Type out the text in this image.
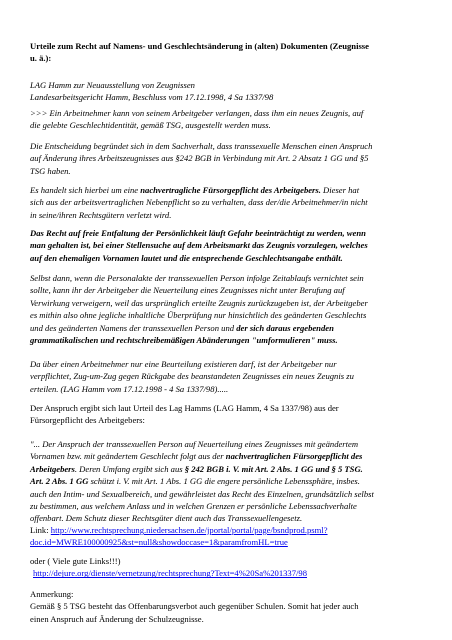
Urteile zum Recht auf Namens- und Geschlechtsänderung in (alten) Dokumenten (Zeugnisse
u. ä.):
LAG Hamm zur Neuausstellung von Zeugnissen
Landesarbeitsgericht Hamm, Beschluss vom 17.12.1998, 4 Sa 1337/98
>>> Ein Arbeitnehmer kann von seinem Arbeitgeber verlangen, dass ihm ein neues Zeugnis, auf
die gelebte Geschlechtidentität, gemäß TSG, ausgestellt werden muss.
Die Entscheidung begründet sich in dem Sachverhalt, dass transsexuelle Menschen einen Anspruch
auf Änderung ihres Arbeitszeugnisses aus §242 BGB in Verbindung mit Art. 2 Absatz 1 GG und §5
TSG haben.
Es handelt sich hierbei um eine nachvertragliche Fürsorgepflicht des Arbeitgebers. Dieser hat
sich aus der arbeitsvertraglichen Nebenpflicht so zu verhalten, dass der/die Arbeitnehmer/in nicht
in seine/ihren Rechtsgütern verletzt wird.
Das Recht auf freie Entfaltung der Persönlichkeit läuft Gefahr beeinträchtigt zu werden, wenn
man gehalten ist, bei einer Stellensuche auf dem Arbeitsmarkt das Zeugnis vorzulegen, welches
auf den ehemaligen Vornamen lautet und die entsprechende Geschlechtsangabe enthält.
Selbst dann, wenn die Personalakte der transsexuellen Person infolge Zeitablaufs vernichtet sein
sollte, kann ihr der Arbeitgeber die Neuerteilung eines Zeugnisses nicht unter Berufung auf
Verwirkung verweigern, weil das ursprünglich erteilte Zeugnis zurückzugeben ist, der Arbeitgeber
es mithin also ohne jegliche inhaltliche Überprüfung nur hinsichtlich des geänderten Geschlechts
und des geänderten Namens der transsexuellen Person und der sich daraus ergebenden
grammatikalischen und rechtschreibemäßigen Abänderungen "umformulieren" muss.
Da über einen Arbeitnehmer nur eine Beurteilung existieren darf, ist der Arbeitgeber nur
verpflichtet, Zug-um-Zug gegen Rückgabe des beanstandeten Zeugnisses ein neues Zeugnis zu
erteilen. (LAG Hamm vom 17.12.1998 - 4 Sa 1337/98).....
Der Anspruch ergibt sich laut Urteil des Lag Hamms (LAG Hamm, 4 Sa 1337/98) aus der
Fürsorgepflicht des Arbeitgebers:
"... Der Anspruch der transsexuellen Person auf Neuerteilung eines Zeugnisses mit geändertem
Vornamen bzw. mit geändertem Geschlecht folgt aus der nachvertraglichen Fürsorgepflicht des
Arbeitgebers. Deren Umfang ergibt sich aus § 242 BGB i. V. mit Art. 2 Abs. 1 GG und § 5 TSG.
Art. 2 Abs. 1 GG schützt i. V. mit Art. 1 Abs. 1 GG die engere persönliche Lebenssphäre, insbes.
auch den Intim- und Sexualbereich, und gewährleistet das Recht des Einzelnen, grundsätzlich selbst
zu bestimmen, aus welchem Anlass und in welchen Grenzen er persönliche Lebenssachverhalte
offenbart. Dem Schutz dieser Rechtsgüter dient auch das Transsexuellengesetz.
Link: http://www.rechtsprechung.niedersachsen.de/jportal/portal/page/bsndprod.psml?
doc.id=MWRE100000925&st=null&showdoccase=1&paramfromHL=true
oder ( Viele gute Links!!!)
http://dejure.org/dienste/vernetzung/rechtsprechung?Text=4%20Sa%201337/98
Anmerkung:
Gemäß § 5 TSG besteht das Offenbarungsverbot auch gegenüber Schulen. Somit hat jeder auch
einen Anspruch auf Änderung der Schulzeugnisse.
